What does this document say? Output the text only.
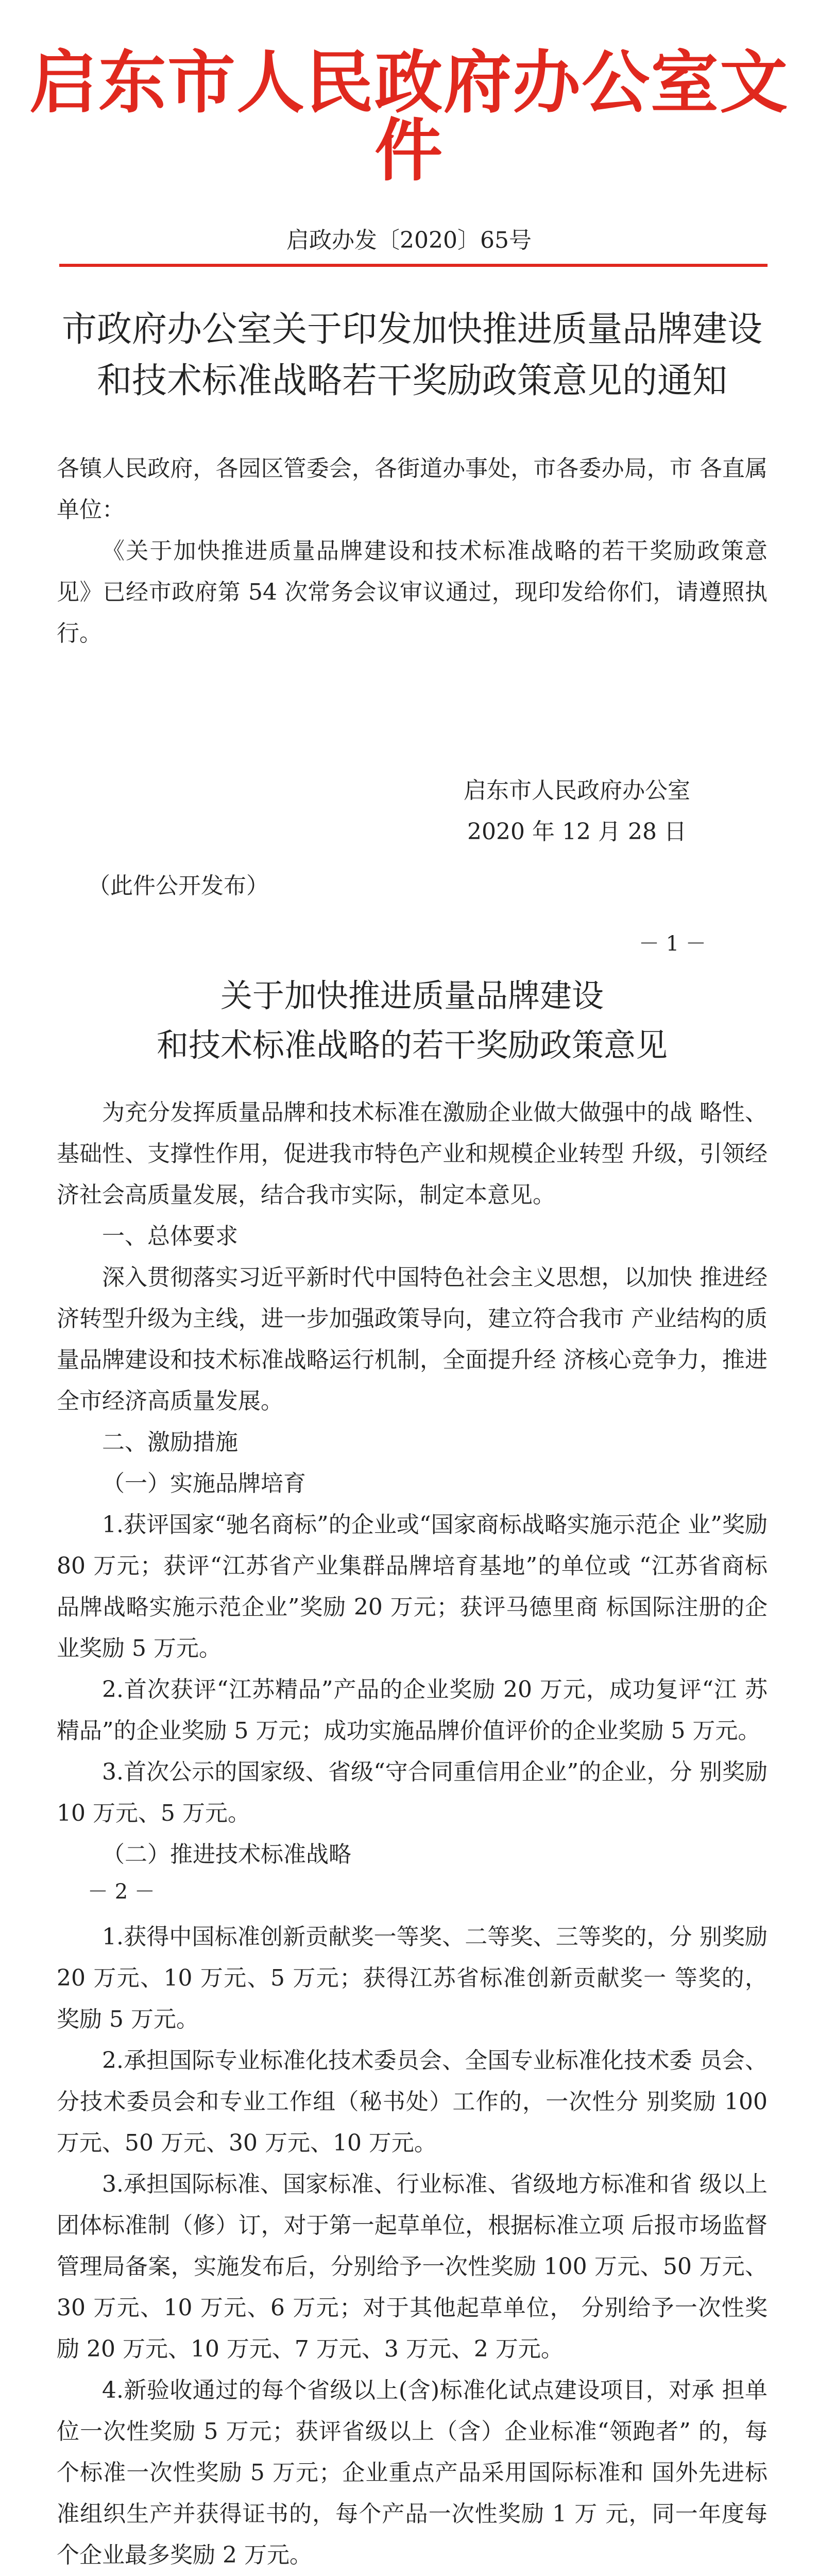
启东市人民政府办公室文件
启政办发〔2020〕65号
市政府办公室关于印发加快推进质量品牌建设
和技术标准战略若干奖励政策意见的通知

各镇人民政府，各园区管委会，各街道办事处，市各委办局，市 各直属单位：

《关于加快推进质量品牌建设和技术标准战略的若干奖励政策意见》已经市政府第 54 次常务会议审议通过，现印发给你们，请遵照执行。

启东市人民政府办公室
2020 年 12 月 28 日
（此件公开发布）
－ 1 －
关于加快推进质量品牌建设
和技术标准战略的若干奖励政策意见

为充分发挥质量品牌和技术标准在激励企业做大做强中的战 略性、基础性、支撑性作用，促进我市特色产业和规模企业转型 升级，引领经济社会高质量发展，结合我市实际，制定本意见。

一、总体要求

深入贯彻落实习近平新时代中国特色社会主义思想，以加快 推进经济转型升级为主线，进一步加强政策导向，建立符合我市 产业结构的质量品牌建设和技术标准战略运行机制，全面提升经 济核心竞争力，推进全市经济高质量发展。

二、激励措施

（一）实施品牌培育

1.获评国家“驰名商标”的企业或“国家商标战略实施示范企 业”奖励 80 万元；获评“江苏省产业集群品牌培育基地”的单位或 “江苏省商标品牌战略实施示范企业”奖励 20 万元；获评马德里商 标国际注册的企业奖励 5 万元。

2.首次获评“江苏精品”产品的企业奖励 20 万元，成功复评“江 苏精品”的企业奖励 5 万元；成功实施品牌价值评价的企业奖励 5 万元。

3.首次公示的国家级、省级“守合同重信用企业”的企业，分 别奖励 10 万元、5 万元。

（二）推进技术标准战略

－ 2 －

1.获得中国标准创新贡献奖一等奖、二等奖、三等奖的，分 别奖励 20 万元、10 万元、5 万元；获得江苏省标准创新贡献奖一 等奖的，奖励 5 万元。

2.承担国际专业标准化技术委员会、全国专业标准化技术委 员会、分技术委员会和专业工作组（秘书处）工作的，一次性分 别奖励 100 万元、50 万元、30 万元、10 万元。

3.承担国际标准、国家标准、行业标准、省级地方标准和省 级以上团体标准制（修）订，对于第一起草单位，根据标准立项 后报市场监督管理局备案，实施发布后，分别给予一次性奖励 100 万元、50 万元、30 万元、10 万元、6 万元；对于其他起草单位， 分别给予一次性奖励 20 万元、10 万元、7 万元、3 万元、2 万元。

4.新验收通过的每个省级以上(含)标准化试点建设项目，对承 担单位一次性奖励 5 万元；获评省级以上（含）企业标准“领跑者” 的，每个标准一次性奖励 5 万元；企业重点产品采用国际标准和 国外先进标准组织生产并获得证书的，每个产品一次性奖励 1 万 元，同一年度每个企业最多奖励 2 万元。
